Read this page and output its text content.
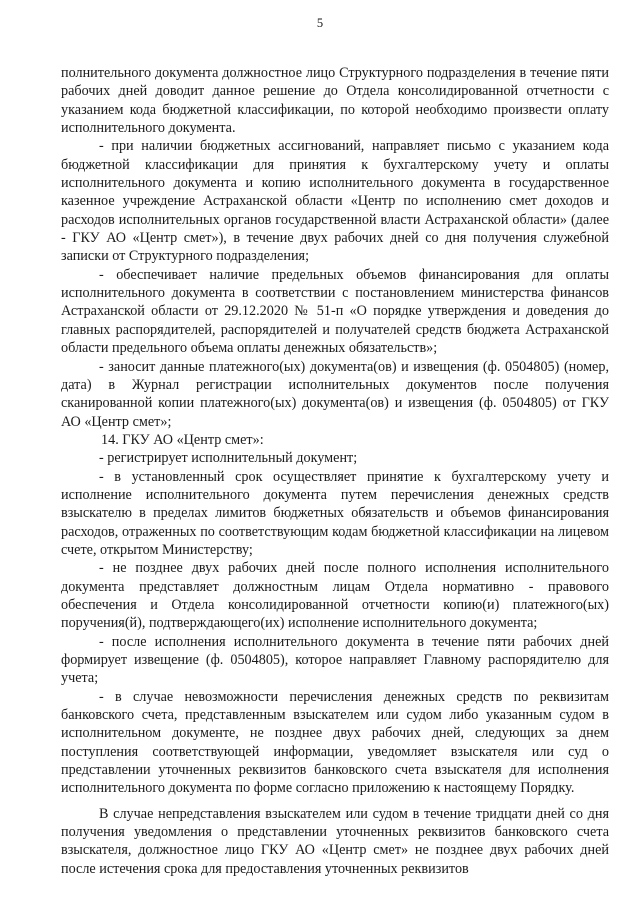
5

полнительного документа должностное лицо Структурного подразделения в течение пяти рабочих дней доводит данное решение до Отдела консолидированной отчетности с указанием кода бюджетной классификации, по которой необходимо произвести оплату исполнительного документа.

- при наличии бюджетных ассигнований, направляет письмо с указанием кода бюджетной классификации для принятия к бухгалтерскому учету и оплаты исполнительного документа и копию исполнительного документа в государственное казенное учреждение Астраханской области «Центр по исполнению смет доходов и расходов исполнительных органов государственной власти Астраханской области» (далее - ГКУ АО «Центр смет»), в течение двух рабочих дней со дня получения служебной записки от Структурного подразделения;

- обеспечивает наличие предельных объемов финансирования для оплаты исполнительного документа в соответствии с постановлением министерства финансов Астраханской области от 29.12.2020 № 51-п «О порядке утверждения и доведения до главных распорядителей, распорядителей и получателей средств бюджета Астраханской области предельного объема оплаты денежных обязательств»;

- заносит данные платежного(ых) документа(ов) и извещения (ф. 0504805) (номер, дата) в Журнал регистрации исполнительных документов после получения сканированной копии платежного(ых) документа(ов) и извещения (ф. 0504805) от ГКУ АО «Центр смет»;

14. ГКУ АО «Центр смет»:

- регистрирует исполнительный документ;

- в установленный срок осуществляет принятие к бухгалтерскому учету и исполнение исполнительного документа путем перечисления денежных средств взыскателю в пределах лимитов бюджетных обязательств и объемов финансирования расходов, отраженных по соответствующим кодам бюджетной классификации на лицевом счете, открытом Министерству;

- не позднее двух рабочих дней после полного исполнения исполнительного документа представляет должностным лицам Отдела нормативно - правового обеспечения и Отдела консолидированной отчетности копию(и) платежного(ых) поручения(й), подтверждающего(их) исполнение исполнительного документа;

- после исполнения исполнительного документа в течение пяти рабочих дней формирует извещение (ф. 0504805), которое направляет Главному распорядителю для учета;

- в случае невозможности перечисления денежных средств по реквизитам банковского счета, представленным взыскателем или судом либо указанным судом в исполнительном документе, не позднее двух рабочих дней, следующих за днем поступления соответствующей информации, уведомляет взыскателя или суд о представлении уточненных реквизитов банковского счета взыскателя для исполнения исполнительного документа по форме согласно приложению к настоящему Порядку.

В случае непредставления взыскателем или судом в течение тридцати дней со дня получения уведомления о представлении уточненных реквизитов банковского счета взыскателя, должностное лицо ГКУ АО «Центр смет» не позднее двух рабочих дней после истечения срока для предоставления уточненных реквизитов
